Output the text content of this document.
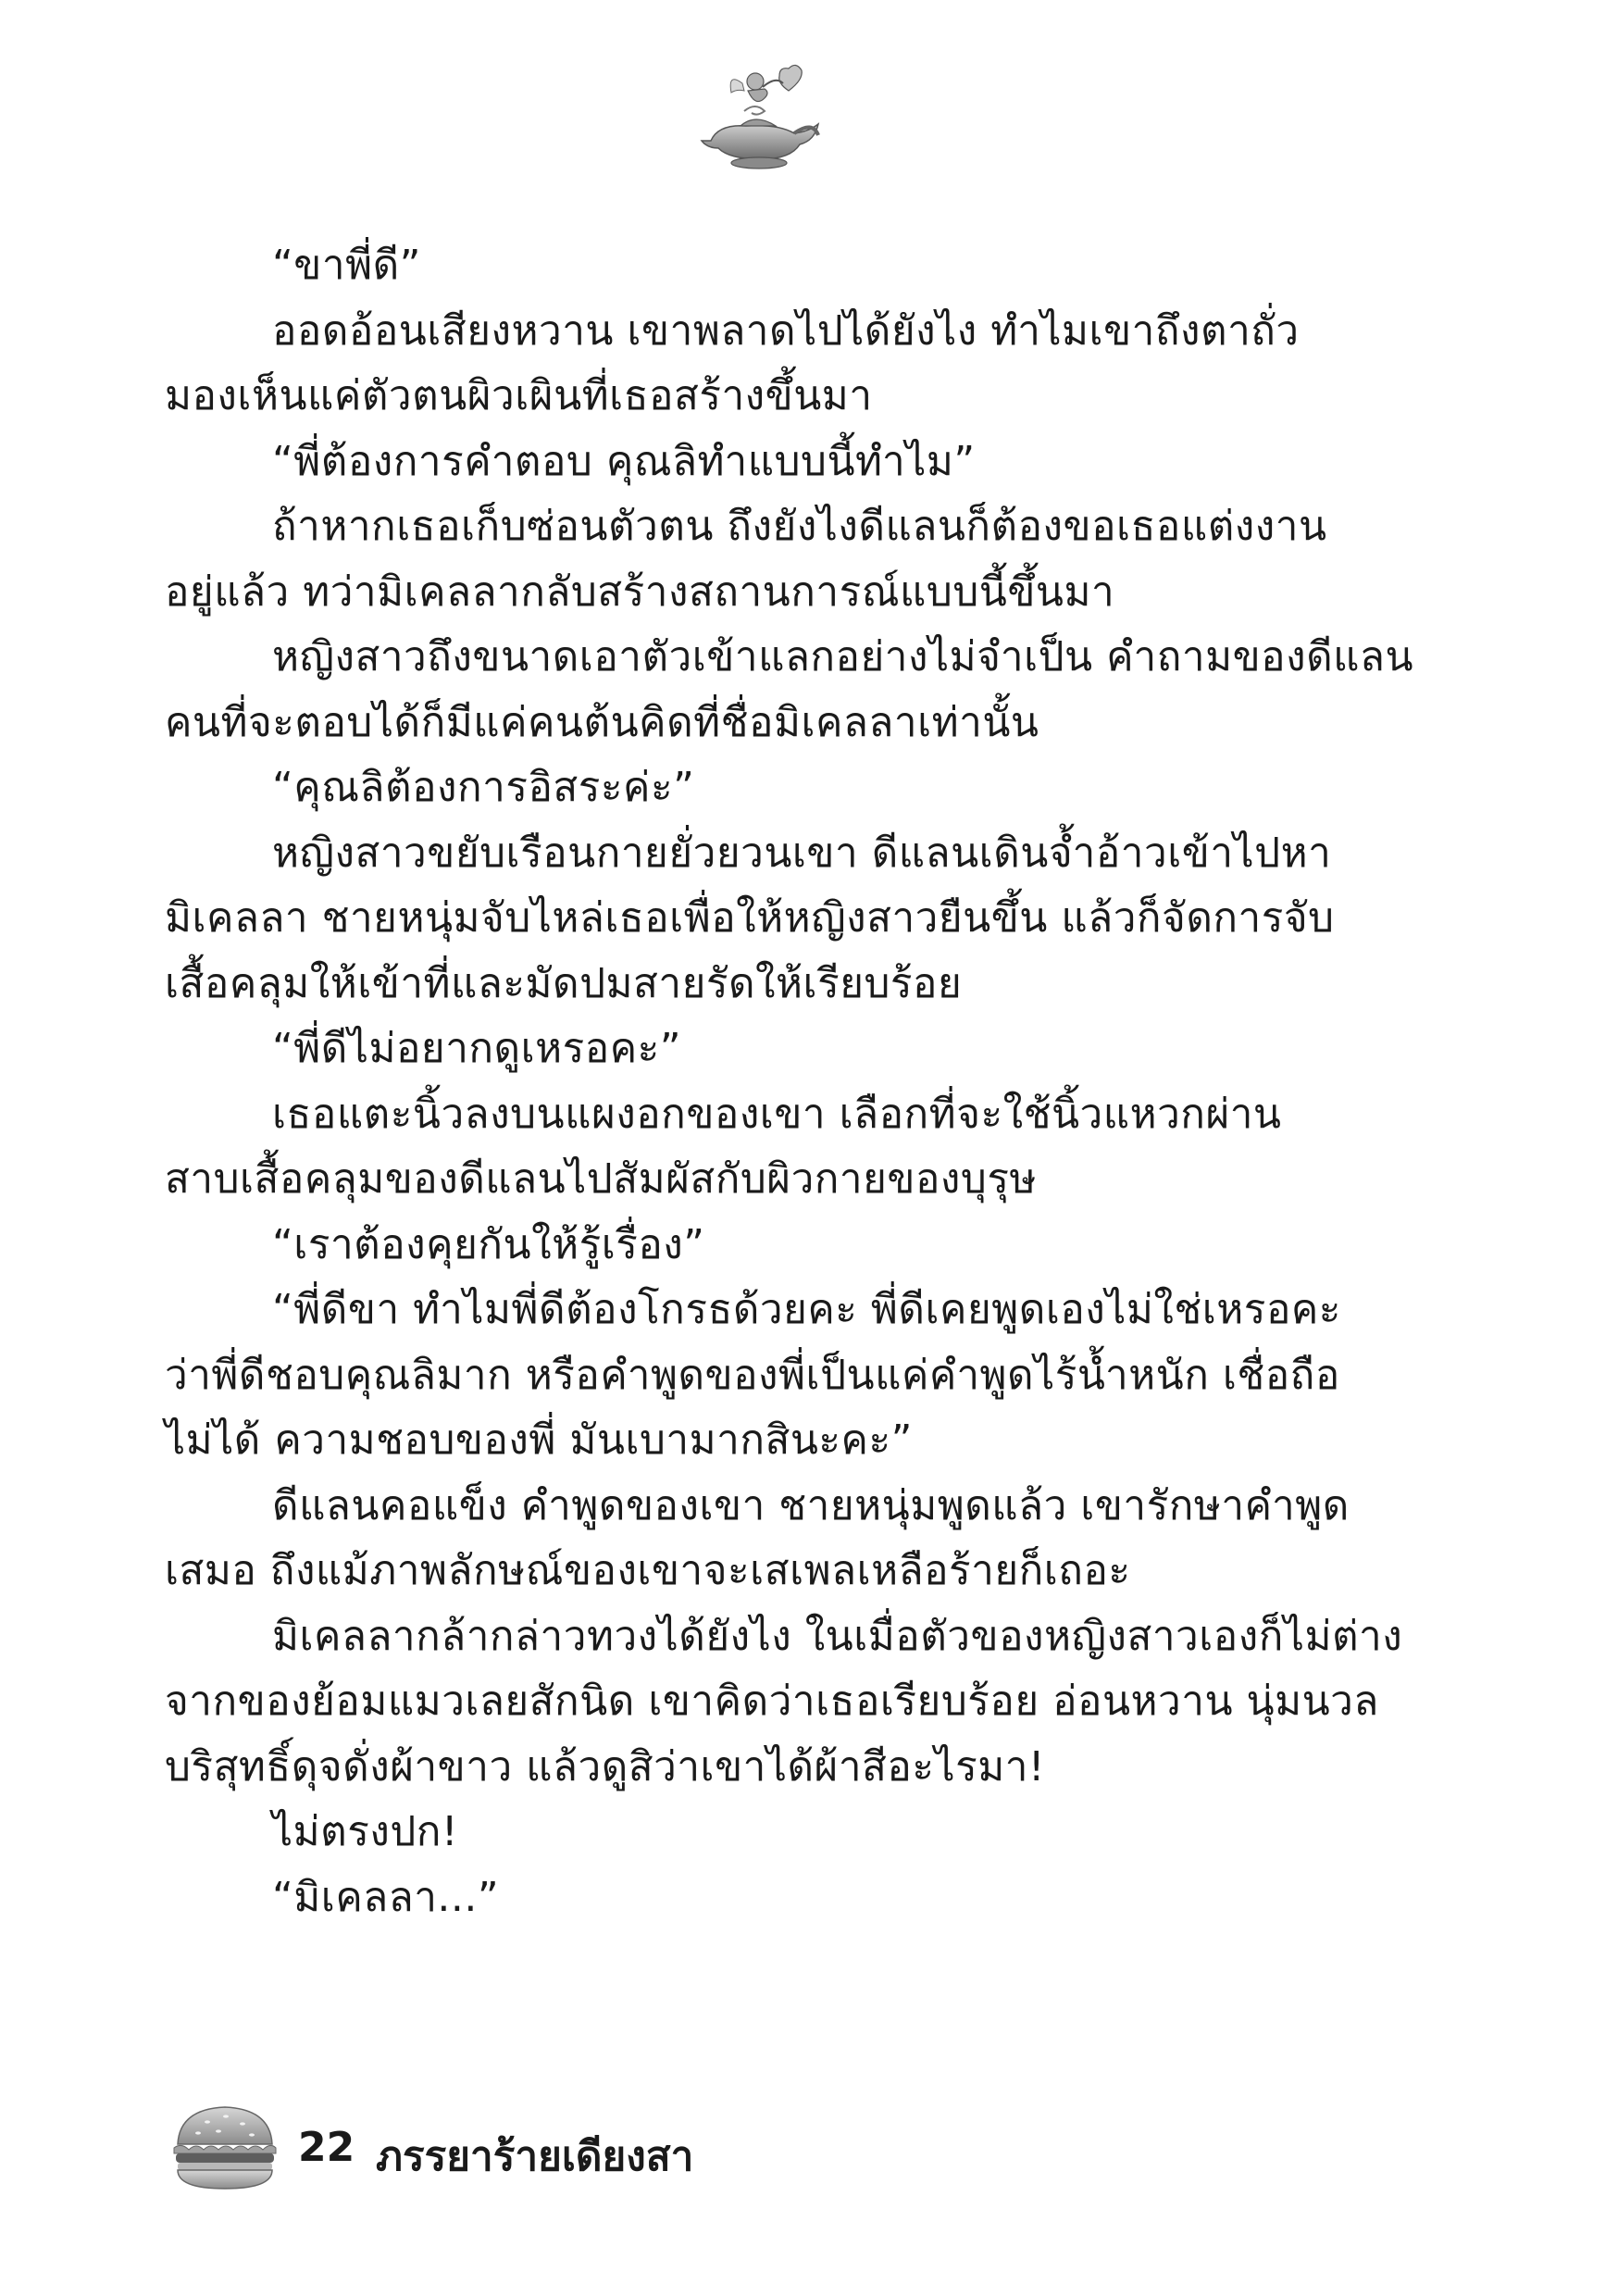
“ขาพี่ดี”

ออดอ้อนเสียงหวาน เขาพลาดไปได้ยังไง ทำไมเขาถึงตาถั่ว
มองเห็นแค่ตัวตนผิวเผินที่เธอสร้างขึ้นมา

“พี่ต้องการคำตอบ คุณลิทำแบบนี้ทำไม”

ถ้าหากเธอเก็บซ่อนตัวตน ถึงยังไงดีแลนก็ต้องขอเธอแต่งงาน
อยู่แล้ว ทว่ามิเคลลากลับสร้างสถานการณ์แบบนี้ขึ้นมา

หญิงสาวถึงขนาดเอาตัวเข้าแลกอย่างไม่จำเป็น คำถามของดีแลน
คนที่จะตอบได้ก็มีแค่คนต้นคิดที่ชื่อมิเคลลาเท่านั้น

“คุณลิต้องการอิสระค่ะ”

หญิงสาวขยับเรือนกายยั่วยวนเขา ดีแลนเดินจ้ำอ้าวเข้าไปหา
มิเคลลา ชายหนุ่มจับไหล่เธอเพื่อให้หญิงสาวยืนขึ้น แล้วก็จัดการจับ
เสื้อคลุมให้เข้าที่และมัดปมสายรัดให้เรียบร้อย

“พี่ดีไม่อยากดูเหรอคะ”

เธอแตะนิ้วลงบนแผงอกของเขา เลือกที่จะใช้นิ้วแหวกผ่าน
สาบเสื้อคลุมของดีแลนไปสัมผัสกับผิวกายของบุรุษ

“เราต้องคุยกันให้รู้เรื่อง”

“พี่ดีขา ทำไมพี่ดีต้องโกรธด้วยคะ พี่ดีเคยพูดเองไม่ใช่เหรอคะ
ว่าพี่ดีชอบคุณลิมาก หรือคำพูดของพี่เป็นแค่คำพูดไร้น้ำหนัก เชื่อถือ
ไม่ได้ ความชอบของพี่ มันเบามากสินะคะ”

ดีแลนคอแข็ง คำพูดของเขา ชายหนุ่มพูดแล้ว เขารักษาคำพูด
เสมอ ถึงแม้ภาพลักษณ์ของเขาจะเสเพลเหลือร้ายก็เถอะ

มิเคลลากล้ากล่าวทวงได้ยังไง ในเมื่อตัวของหญิงสาวเองก็ไม่ต่าง
จากของย้อมแมวเลยสักนิด เขาคิดว่าเธอเรียบร้อย อ่อนหวาน นุ่มนวล
บริสุทธิ์ดุจดั่งผ้าขาว แล้วดูสิว่าเขาได้ผ้าสีอะไรมา!

ไม่ตรงปก!

“มิเคลลา...”

22 ภรรยาร้ายเดียงสา
